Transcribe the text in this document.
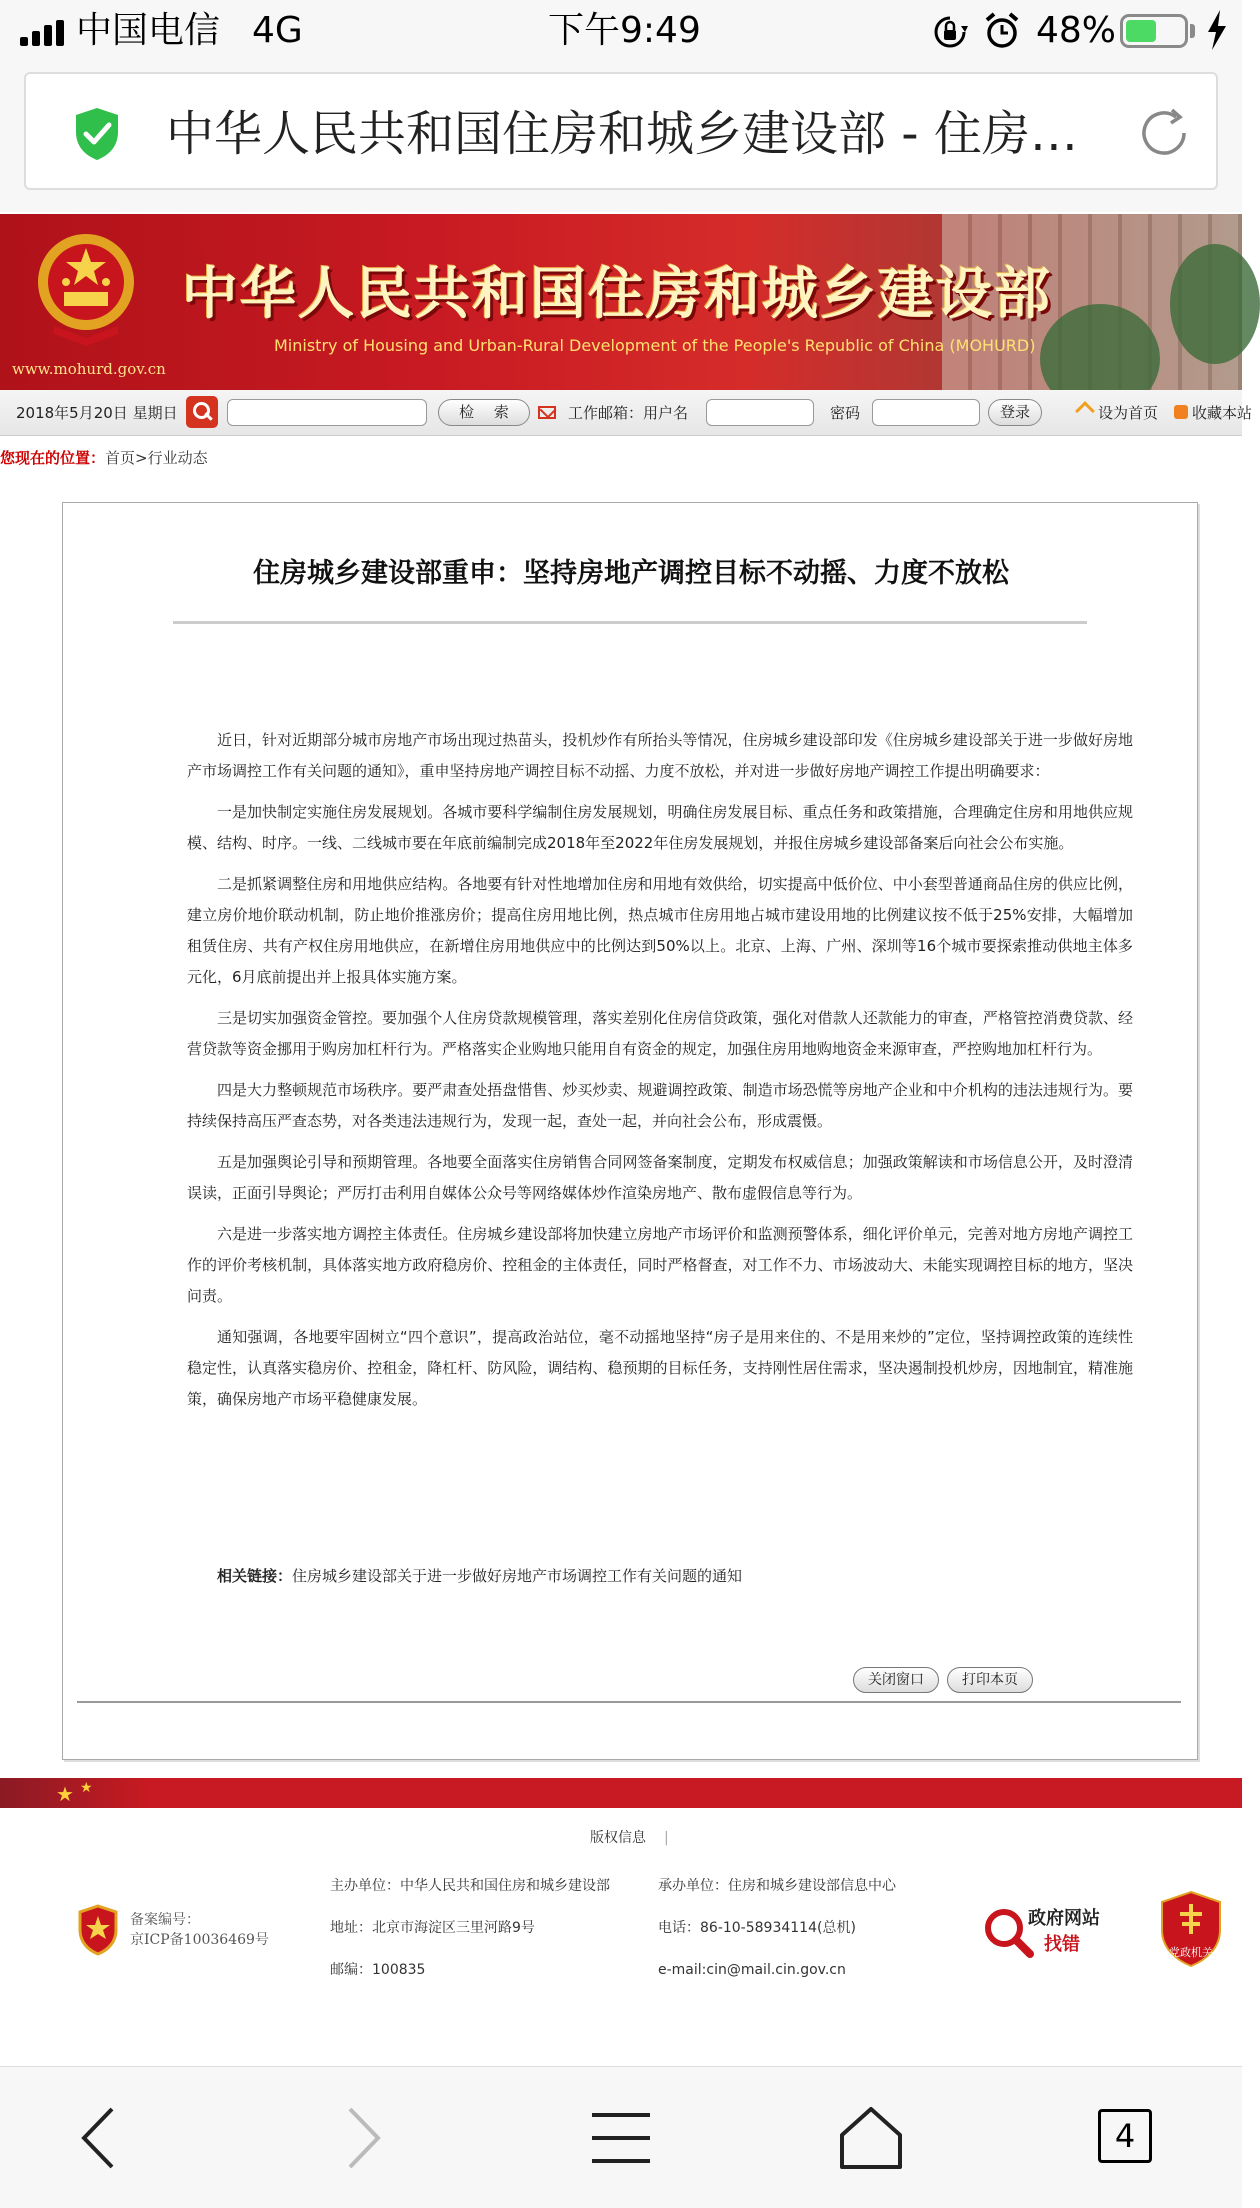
中国电信 4G	下午9:49	48%
中华人民共和国住房和城乡建设部 - 住房…
www.mohurd.gov.cn
中华人民共和国住房和城乡建设部
Ministry of Housing and Urban-Rural Development of the People's Republic of China (MOHURD)
2018年5月20日 星期日	检　 索	工作邮箱：用户名	密码	登录	设为首页 收藏本站
您现在的位置：首页>行业动态
住房城乡建设部重申：坚持房地产调控目标不动摇、力度不放松

近日，针对近期部分城市房地产市场出现过热苗头，投机炒作有所抬头等情况，住房城乡建设部印发《住房城乡建设部关于进一步做好房地产市场调控工作有关问题的通知》，重申坚持房地产调控目标不动摇、力度不放松，并对进一步做好房地产调控工作提出明确要求：

一是加快制定实施住房发展规划。各城市要科学编制住房发展规划，明确住房发展目标、重点任务和政策措施，合理确定住房和用地供应规模、结构、时序。一线、二线城市要在年底前编制完成2018年至2022年住房发展规划，并报住房城乡建设部备案后向社会公布实施。

二是抓紧调整住房和用地供应结构。各地要有针对性地增加住房和用地有效供给，切实提高中低价位、中小套型普通商品住房的供应比例，建立房价地价联动机制，防止地价推涨房价；提高住房用地比例，热点城市住房用地占城市建设用地的比例建议按不低于25%安排，大幅增加租赁住房、共有产权住房用地供应，在新增住房用地供应中的比例达到50%以上。北京、上海、广州、深圳等16个城市要探索推动供地主体多元化，6月底前提出并上报具体实施方案。

三是切实加强资金管控。要加强个人住房贷款规模管理，落实差别化住房信贷政策，强化对借款人还款能力的审查，严格管控消费贷款、经营贷款等资金挪用于购房加杠杆行为。严格落实企业购地只能用自有资金的规定，加强住房用地购地资金来源审查，严控购地加杠杆行为。

四是大力整顿规范市场秩序。要严肃查处捂盘惜售、炒买炒卖、规避调控政策、制造市场恐慌等房地产企业和中介机构的违法违规行为。要持续保持高压严查态势，对各类违法违规行为，发现一起，查处一起，并向社会公布，形成震慑。

五是加强舆论引导和预期管理。各地要全面落实住房销售合同网签备案制度，定期发布权威信息；加强政策解读和市场信息公开，及时澄清误读，正面引导舆论；严厉打击利用自媒体公众号等网络媒体炒作渲染房地产、散布虚假信息等行为。

六是进一步落实地方调控主体责任。住房城乡建设部将加快建立房地产市场评价和监测预警体系，细化评价单元，完善对地方房地产调控工作的评价考核机制，具体落实地方政府稳房价、控租金的主体责任，同时严格督查，对工作不力、市场波动大、未能实现调控目标的地方，坚决问责。

通知强调，各地要牢固树立“四个意识”，提高政治站位，毫不动摇地坚持“房子是用来住的、不是用来炒的”定位，坚持调控政策的连续性稳定性，认真落实稳房价、控租金，降杠杆、防风险，调结构、稳预期的目标任务，支持刚性居住需求，坚决遏制投机炒房，因地制宜，精准施策，确保房地产市场平稳健康发展。

相关链接：住房城乡建设部关于进一步做好房地产市场调控工作有关问题的通知
关闭窗口	打印本页
★ ★
版权信息 |
备案编号：
京ICP备10036469号
主办单位：中华人民共和国住房和城乡建设部	承办单位：住房和城乡建设部信息中心
地址：北京市海淀区三里河路9号	电话：86-10-58934114(总机)
邮编：100835	e-mail:cin@mail.cin.gov.cn
政府网站
找错	党政机关
4
